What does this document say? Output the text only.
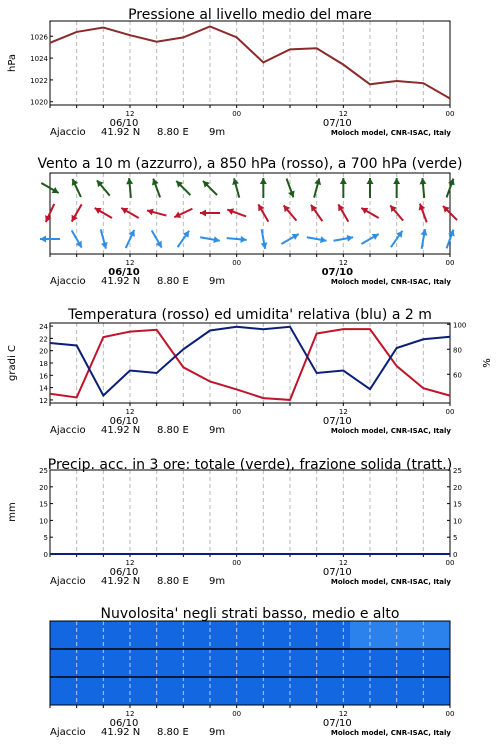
12	00	12	00
06/10	07/10
Ajaccio 41.92 N 8.80 E 9m	Moloch model, CNR-ISAC, Italy
Pressione al livello medio del mare
1020
1022
1024
1026
hPa
12	00	12	00
06/10	07/10
Ajaccio 41.92 N 8.80 E 9m	Moloch model, CNR-ISAC, Italy
Vento a 10 m (azzurro), a 850 hPa (rosso), a 700 hPa (verde)
12	00	12	00
06/10	07/10
Ajaccio 41.92 N 8.80 E 9m	Moloch model, CNR-ISAC, Italy
Temperatura (rosso) ed umidita' relativa (blu) a 2 m
12
14
16
18
20
22
24
60
80
100
gradi C	%
12	00	12	00
06/10	07/10
Ajaccio 41.92 N 8.80 E 9m	Moloch model, CNR-ISAC, Italy
Precip. acc. in 3 ore: totale (verde), frazione solida (tratt.)
0
5
10
15
20
25
0
5
10
15
20
25
mm
12	00	12	00
06/10	07/10
Ajaccio 41.92 N 8.80 E 9m	Moloch model, CNR-ISAC, Italy
Nuvolosita' negli strati basso, medio e alto
